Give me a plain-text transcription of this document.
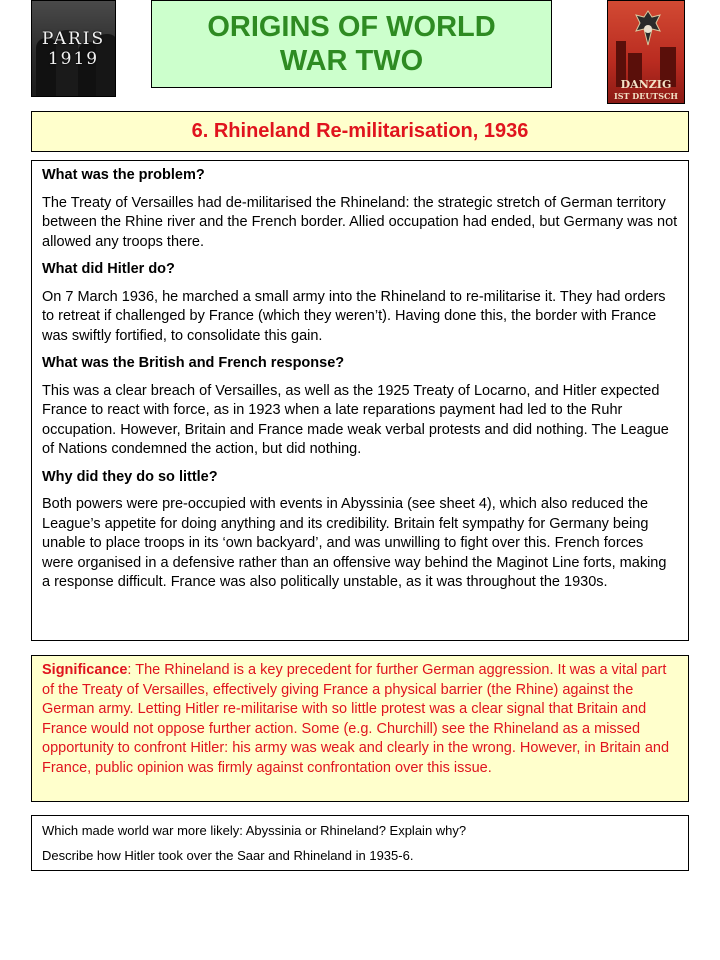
PARIS
1919
ORIGINS OF WORLD WAR TWO
DANZIG
IST DEUTSCH
6. Rhineland Re-militarisation, 1936

What was the problem?

The Treaty of Versailles had de-militarised the Rhineland: the strategic stretch of German territory between the Rhine river and the French border. Allied occupation had ended, but Germany was not allowed any troops there.

What did Hitler do?

On 7 March 1936, he marched a small army into the Rhineland to re-militarise it. They had orders to retreat if challenged by France (which they weren’t). Having done this, the border with France was swiftly fortified, to consolidate this gain.

What was the British and French response?

This was a clear breach of Versailles, as well as the 1925 Treaty of Locarno, and Hitler expected France to react with force, as in 1923 when a late reparations payment had led to the Ruhr occupation. However, Britain and France made weak verbal protests and did nothing. The League of Nations condemned the action, but did nothing.

Why did they do so little?

Both powers were pre-occupied with events in Abyssinia (see sheet 4), which also reduced the League’s appetite for doing anything and its credibility. Britain felt sympathy for Germany being unable to place troops in its ‘own backyard’, and was unwilling to fight over this. French forces were organised in a defensive rather than an offensive way behind the Maginot Line forts, making a response difficult. France was also politically unstable, as it was throughout the 1930s.

Significance: The Rhineland is a key precedent for further German aggression. It was a vital part of the Treaty of Versailles, effectively giving France a physical barrier (the Rhine) against the German army. Letting Hitler re-militarise with so little protest was a clear signal that Britain and France would not oppose further action. Some (e.g. Churchill) see the Rhineland as a missed opportunity to confront Hitler: his army was weak and clearly in the wrong. However, in Britain and France, public opinion was firmly against confrontation over this issue.

Which made world war more likely: Abyssinia or Rhineland? Explain why?

Describe how Hitler took over the Saar and Rhineland in 1935-6.
